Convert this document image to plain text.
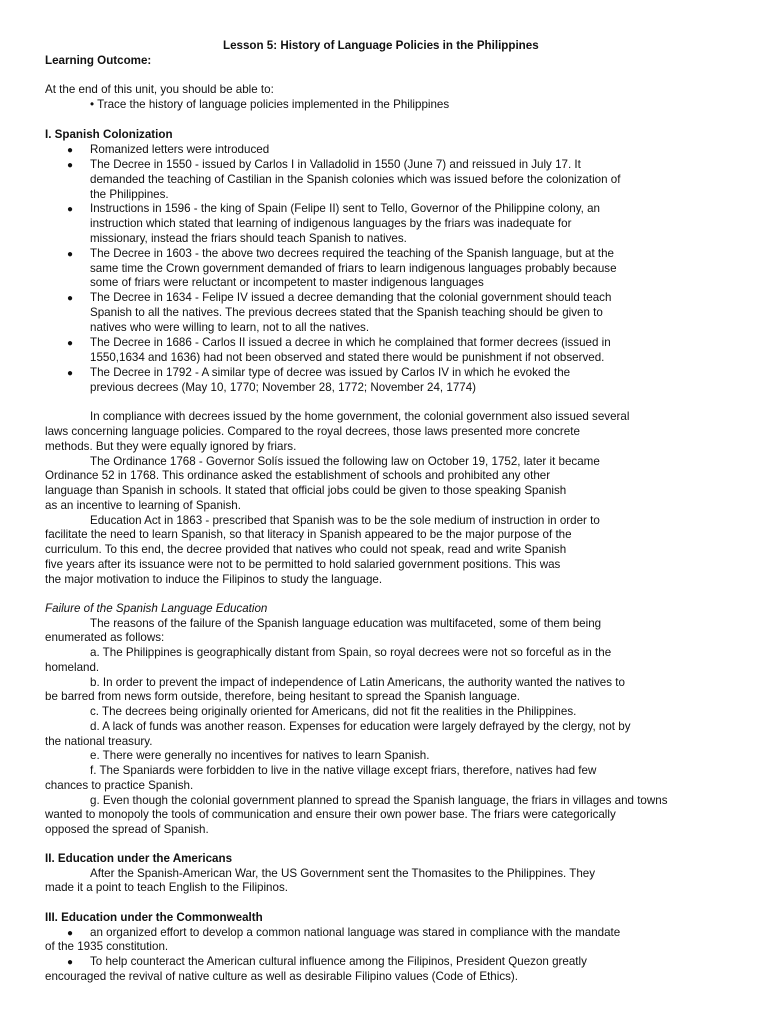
Lesson 5: History of Language Policies in the Philippines
Learning Outcome:
At the end of this unit, you should be able to:
• Trace the history of language policies implemented in the Philippines
I. Spanish Colonization
● Romanized letters were introduced
● The Decree in 1550 - issued by Carlos I in Valladolid in 1550 (June 7) and reissued in July 17. It
demanded the teaching of Castilian in the Spanish colonies which was issued before the colonization of
the Philippines.
● Instructions in 1596 - the king of Spain (Felipe II) sent to Tello, Governor of the Philippine colony, an
instruction which stated that learning of indigenous languages by the friars was inadequate for
missionary, instead the friars should teach Spanish to natives.
● The Decree in 1603 - the above two decrees required the teaching of the Spanish language, but at the
same time the Crown government demanded of friars to learn indigenous languages probably because
some of friars were reluctant or incompetent to master indigenous languages
● The Decree in 1634 - Felipe IV issued a decree demanding that the colonial government should teach
Spanish to all the natives. The previous decrees stated that the Spanish teaching should be given to
natives who were willing to learn, not to all the natives.
● The Decree in 1686 - Carlos II issued a decree in which he complained that former decrees (issued in
1550,1634 and 1636) had not been observed and stated there would be punishment if not observed.
● The Decree in 1792 - A similar type of decree was issued by Carlos IV in which he evoked the
previous decrees (May 10, 1770; November 28, 1772; November 24, 1774)
In compliance with decrees issued by the home government, the colonial government also issued several
laws concerning language policies. Compared to the royal decrees, those laws presented more concrete
methods. But they were equally ignored by friars.
The Ordinance 1768 - Governor Solís issued the following law on October 19, 1752, later it became
Ordinance 52 in 1768. This ordinance asked the establishment of schools and prohibited any other
language than Spanish in schools. It stated that official jobs could be given to those speaking Spanish
as an incentive to learning of Spanish.
Education Act in 1863 - prescribed that Spanish was to be the sole medium of instruction in order to
facilitate the need to learn Spanish, so that literacy in Spanish appeared to be the major purpose of the
curriculum. To this end, the decree provided that natives who could not speak, read and write Spanish
five years after its issuance were not to be permitted to hold salaried government positions. This was
the major motivation to induce the Filipinos to study the language.
Failure of the Spanish Language Education
The reasons of the failure of the Spanish language education was multifaceted, some of them being
enumerated as follows:
a. The Philippines is geographically distant from Spain, so royal decrees were not so forceful as in the
homeland.
b. In order to prevent the impact of independence of Latin Americans, the authority wanted the natives to
be barred from news form outside, therefore, being hesitant to spread the Spanish language.
c. The decrees being originally oriented for Americans, did not fit the realities in the Philippines.
d. A lack of funds was another reason. Expenses for education were largely defrayed by the clergy, not by
the national treasury.
e. There were generally no incentives for natives to learn Spanish.
f. The Spaniards were forbidden to live in the native village except friars, therefore, natives had few
chances to practice Spanish.
g. Even though the colonial government planned to spread the Spanish language, the friars in villages and towns
wanted to monopoly the tools of communication and ensure their own power base. The friars were categorically
opposed the spread of Spanish.
II. Education under the Americans
After the Spanish-American War, the US Government sent the Thomasites to the Philippines. They
made it a point to teach English to the Filipinos.
III. Education under the Commonwealth
● an organized effort to develop a common national language was stared in compliance with the mandate
of the 1935 constitution.
● To help counteract the American cultural influence among the Filipinos, President Quezon greatly
encouraged the revival of native culture as well as desirable Filipino values (Code of Ethics).
